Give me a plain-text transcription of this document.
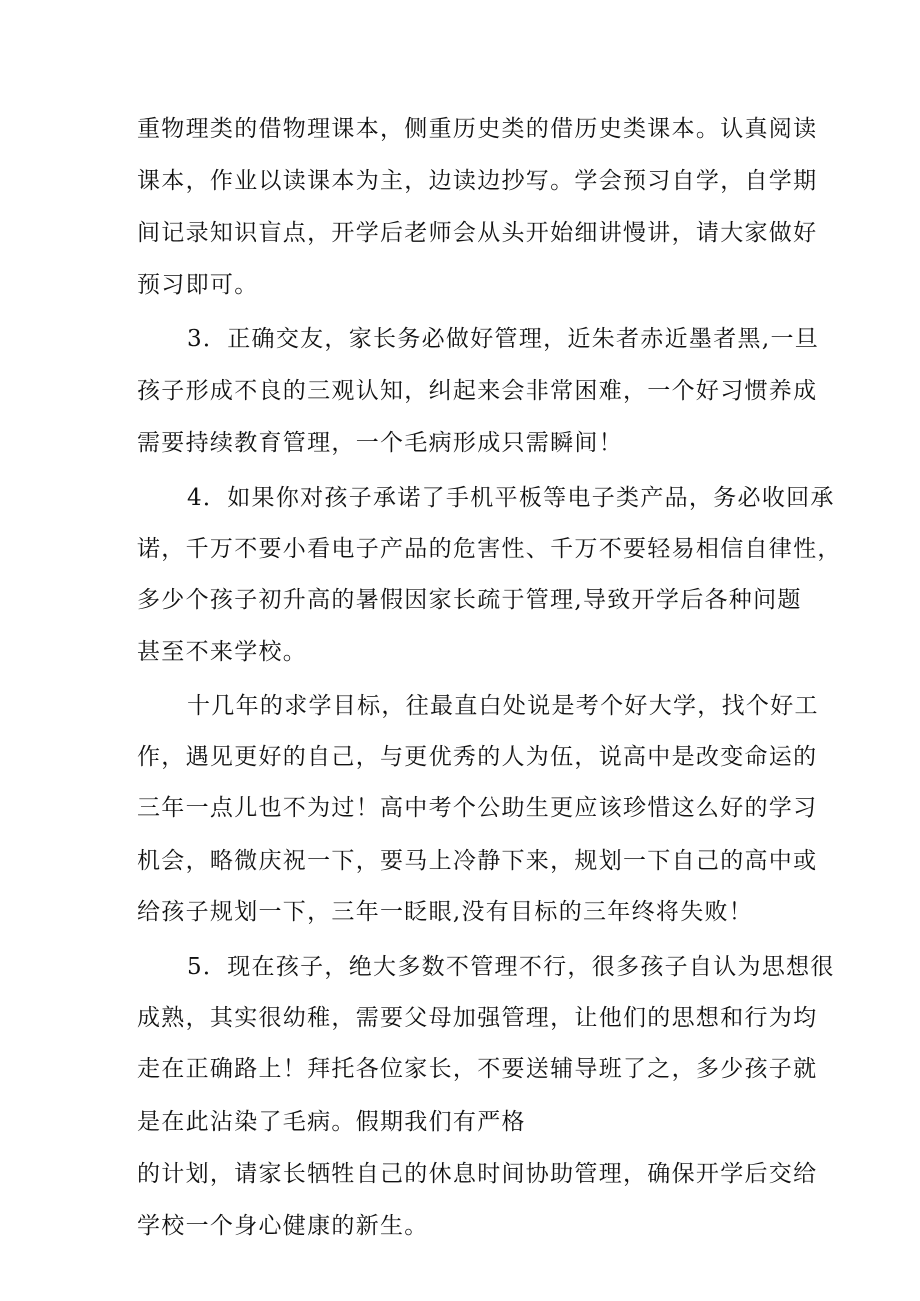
重物理类的借物理课本，侧重历史类的借历史类课本。认真阅读
课本，作业以读课本为主，边读边抄写。学会预习自学，自学期
间记录知识盲点，开学后老师会从头开始细讲慢讲，请大家做好
预习即可。
3．正确交友，家长务必做好管理，近朱者赤近墨者黑,一旦
孩子形成不良的三观认知，纠起来会非常困难，一个好习惯养成
需要持续教育管理，一个毛病形成只需瞬间！
4．如果你对孩子承诺了手机平板等电子类产品，务必收回承
诺，千万不要小看电子产品的危害性、千万不要轻易相信自律性，
多少个孩子初升高的暑假因家长疏于管理,导致开学后各种问题
甚至不来学校。
十几年的求学目标，往最直白处说是考个好大学，找个好工
作，遇见更好的自己，与更优秀的人为伍，说高中是改变命运的
三年一点儿也不为过！高中考个公助生更应该珍惜这么好的学习
机会，略微庆祝一下，要马上冷静下来，规划一下自己的高中或
给孩子规划一下，三年一眨眼,没有目标的三年终将失败！
5．现在孩子，绝大多数不管理不行，很多孩子自认为思想很
成熟，其实很幼稚，需要父母加强管理，让他们的思想和行为均
走在正确路上！拜托各位家长，不要送辅导班了之，多少孩子就
是在此沾染了毛病。假期我们有严格
的计划，请家长牺牲自己的休息时间协助管理，确保开学后交给
学校一个身心健康的新生。
